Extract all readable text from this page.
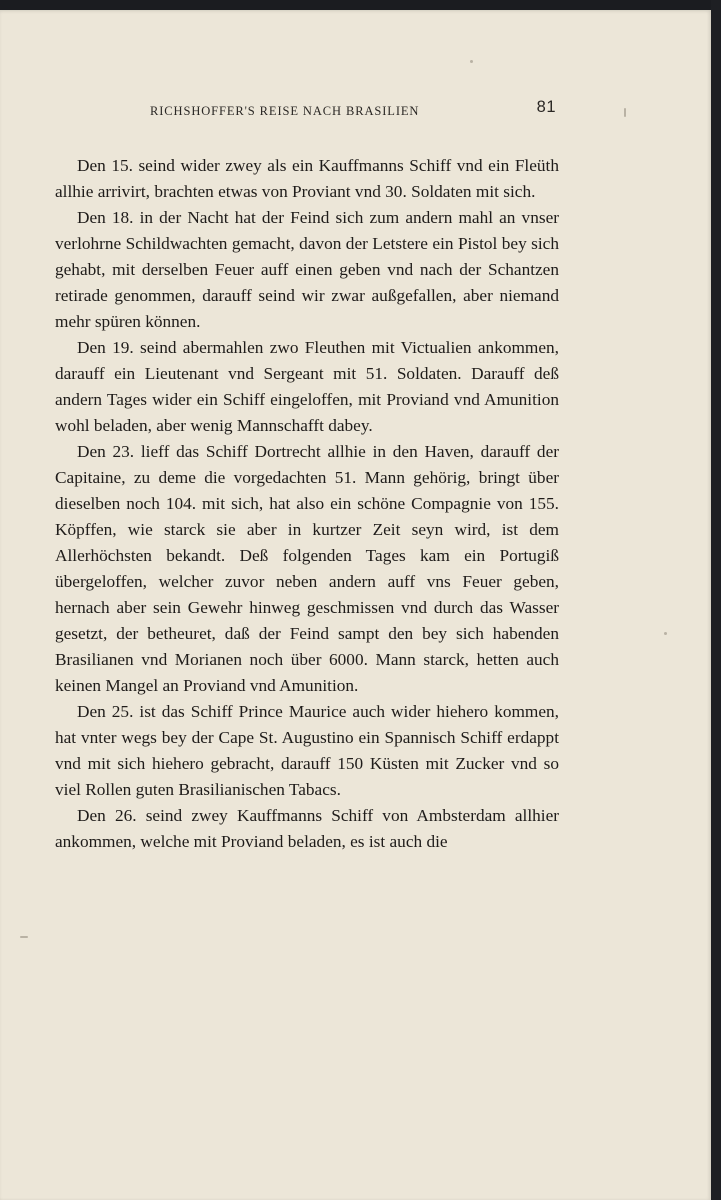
RICHSHOFFER'S REISE NACH BRASILIEN	81

Den 15. seind wider zwey als ein Kauffmanns Schiff vnd ein Fleüth allhie arrivirt, brachten etwas von Proviant vnd 30. Soldaten mit sich.

Den 18. in der Nacht hat der Feind sich zum andern mahl an vnser verlohrne Schildwachten gemacht, davon der Letstere ein Pistol bey sich gehabt, mit derselben Feuer auff einen geben vnd nach der Schantzen retirade genommen, darauff seind wir zwar außgefallen, aber niemand mehr spüren können.

Den 19. seind abermahlen zwo Fleuthen mit Victualien ankommen, darauff ein Lieutenant vnd Sergeant mit 51. Soldaten. Darauff deß andern Tages wider ein Schiff eingeloffen, mit Proviand vnd Amunition wohl beladen, aber wenig Mannschafft dabey.

Den 23. lieff das Schiff Dortrecht allhie in den Haven, darauff der Capitaine, zu deme die vorgedachten 51. Mann gehörig, bringt über dieselben noch 104. mit sich, hat also ein schöne Compagnie von 155. Köpffen, wie starck sie aber in kurtzer Zeit seyn wird, ist dem Allerhöchsten bekandt. Deß folgenden Tages kam ein Portugiß übergeloffen, welcher zuvor neben andern auff vns Feuer geben, hernach aber sein Gewehr hinweg geschmissen vnd durch das Wasser gesetzt, der betheuret, daß der Feind sampt den bey sich habenden Brasilianen vnd Morianen noch über 6000. Mann starck, hetten auch keinen Mangel an Proviand vnd Amunition.

Den 25. ist das Schiff Prince Maurice auch wider hiehero kommen, hat vnter wegs bey der Cape St. Augustino ein Spannisch Schiff erdappt vnd mit sich hiehero gebracht, darauff 150 Küsten mit Zucker vnd so viel Rollen guten Brasilianischen Tabacs.

Den 26. seind zwey Kauffmanns Schiff von Ambsterdam allhier ankommen, welche mit Proviand beladen, es ist auch die
